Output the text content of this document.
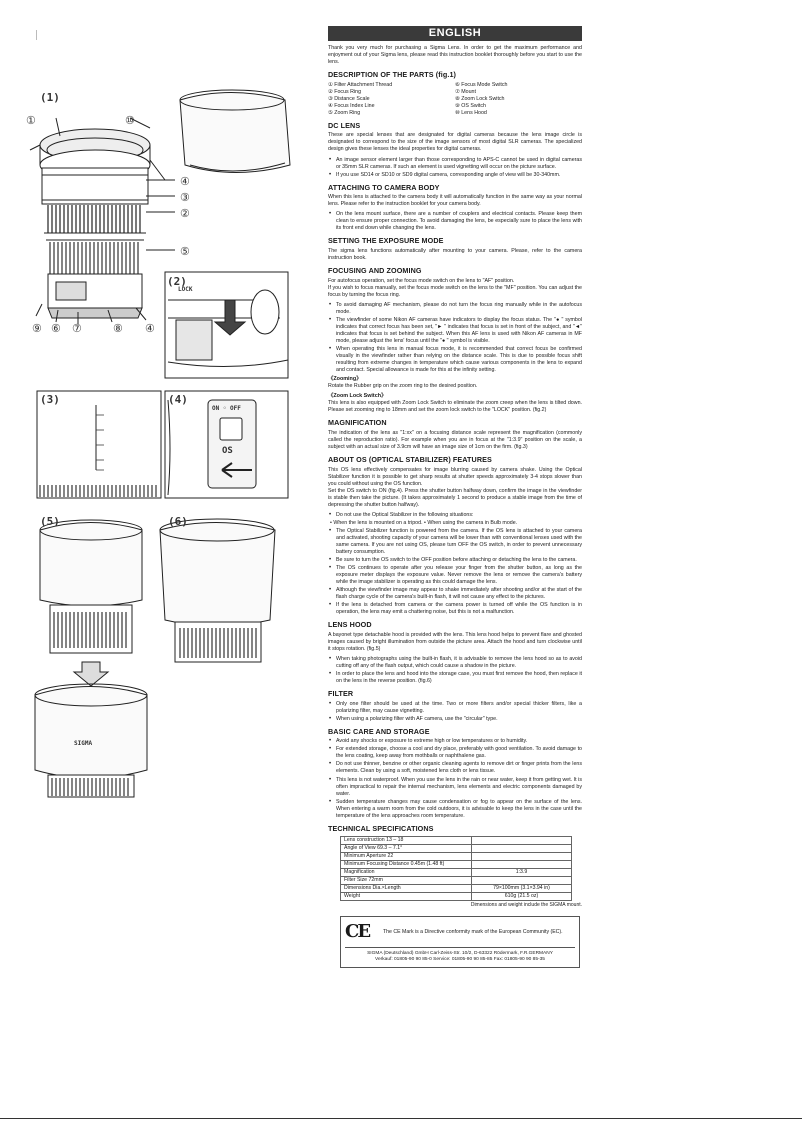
(1)
(2)
(3)	(4)
(5)	(6)
①	⑩
④
③
②
⑤
⑨ ⑥ ⑦	⑧ ④
LOCK
ON ◦ OFF
OS
SIGMA
ENGLISH
Thank you very much for purchasing a Sigma Lens. In order to get the maximum performance and enjoyment out of your Sigma lens, please read this instruction booklet thoroughly before you start to use the lens.
DESCRIPTION OF THE PARTS (fig.1)
① Filter Attachment Thread
② Focus Ring
③ Distance Scale
④ Focus Index Line
⑤ Zoom Ring
⑥ Focus Mode Switch
⑦ Mount
⑧ Zoom Lock Switch
⑨ OS Switch
⑩ Lens Hood
DC LENS
These are special lenses that are designated for digital cameras because the lens image circle is designated to correspond to the size of the image sensors of most digital SLR cameras. The specialized design gives these lenses the ideal properties for digital cameras.
• An image sensor element larger than those corresponding to APS-C cannot be used in digital cameras or 35mm SLR cameras. If such an element is used vignetting will occur on the picture surface.
• If you use SD14 or SD10 or SD9 digital camera, corresponding angle of view will be 30-340mm.
ATTACHING TO CAMERA BODY
When this lens is attached to the camera body it will automatically function in the same way as your normal lens. Please refer to the instruction booklet for your camera body.
• On the lens mount surface, there are a number of couplers and electrical contacts. Please keep them clean to ensure proper connection. To avoid damaging the lens, be especially sure to place the lens with its front end down while changing the lens.
SETTING THE EXPOSURE MODE
The sigma lens functions automatically after mounting to your camera. Please, refer to the camera instruction book.
FOCUSING AND ZOOMING
For autofocus operation, set the focus mode switch on the lens to "AF" position.
If you wish to focus manually, set the focus mode switch on the lens to the "MF" position. You can adjust the focus by turning the focus ring.
• To avoid damaging AF mechanism, please do not turn the focus ring manually while in the autofocus mode.
• The viewfinder of some Nikon AF cameras have indicators to display the focus status. The "● " symbol indicates that correct focus has been set, "► " indicates that focus is set in front of the subject, and "◄" indicates that focus is set behind the subject. When this AF lens is used with Nikon AF cameras in MF mode, please adjust the lens' focus until the "● " symbol is visible.
• When operating this lens in manual focus mode, it is recommended that correct focus be confirmed visually in the viewfinder rather than relying on the distance scale. This is due to possible focus shift resulting from extreme changes in temperature which cause various components in the lens to expand and contact. Special allowance is made for this at the infinity setting.
《Zooming》
Rotate the Rubber grip on the zoom ring to the desired position.
《Zoom Lock Switch》
This lens is also equipped with Zoom Lock Switch to eliminate the zoom creep when the lens is tilted down. Please set zooming ring to 18mm and set the zoom lock switch to the "LOCK" position. (fig.2)
MAGNIFICATION
The indication of the lens as "1:xx" on a focusing distance scale represent the magnification (commonly called the reproduction ratio). For example when you are in focus at the "1:3.9" position on the scale, a subject with an actual size of 3.9cm will have an image size of 1cm on the firm. (fig.3)
ABOUT OS (OPTICAL STABILIZER) FEATURES
This OS lens effectively compensates for image blurring caused by camera shake. Using the Optical Stabilizer function it is possible to get sharp results at shutter speeds approximately 3-4 stops slower than you could without using the OS function.
Set the OS switch to ON (fig.4). Press the shutter button halfway down, confirm the image in the viewfinder is stable then take the picture. (It takes approximately 1 second to produce a stable image from the time of depressing the shutter button halfway).
• Do not use the Optical Stabilizer in the following situations:
• When the lens is mounted on a tripod. • When using the camera in Bulb mode.
• The Optical Stabilizer function is powered from the camera. If the OS lens is attached to your camera and activated, shooting capacity of your camera will be lower than with conventional lenses used with the same camera. If you are not using OS, please turn OFF the OS switch, in order to prevent unnecessary battery consumption.
• Be sure to turn the OS switch to the OFF position before attaching or detaching the lens to the camera.
• The OS continues to operate after you release your finger from the shutter button, as long as the exposure meter displays the exposure value. Never remove the lens or remove the camera's battery while the image stabilizer is operating as this could damage the lens.
• Although the viewfinder image may appear to shake immediately after shooting and/or at the start of the flash charge cycle of the camera's built-in flash, it will not cause any effect to the pictures.
• If the lens is detached from camera or the camera power is turned off while the OS function is in operation, the lens may emit a chattering noise, but this is not a malfunction.
LENS HOOD
A bayonet type detachable hood is provided with the lens. This lens hood helps to prevent flare and ghosted images caused by bright illumination from outside the picture area. Attach the hood and turn clockwise until it stops rotation. (fig.5)
• When taking photographs using the built-in flash, it is advisable to remove the lens hood so as to avoid cutting off any of the flash output, which could cause a shadow in the picture.
• In order to place the lens and hood into the storage case, you must first remove the hood, then replace it on the lens in the reverse position. (fig.6)
FILTER
• Only one filter should be used at the time. Two or more filters and/or special thicker filters, like a polarizing filter, may cause vignetting.
• When using a polarizing filter with AF camera, use the "circular" type.
BASIC CARE AND STORAGE
• Avoid any shocks or exposure to extreme high or low temperatures or to humidity.
• For extended storage, choose a cool and dry place, preferably with good ventilation. To avoid damage to the lens coating, keep away from mothballs or naphthalene gas.
• Do not use thinner, benzine or other organic cleaning agents to remove dirt or finger prints from the lens elements. Clean by using a soft, moistened lens cloth or lens tissue.
• This lens is not waterproof. When you use the lens in the rain or near water, keep it from getting wet. It is often impractical to repair the internal mechanism, lens elements and electric components damaged by water.
• Sudden temperature changes may cause condensation or fog to appear on the surface of the lens. When entering a warm room from the cold outdoors, it is advisable to keep the lens in the case until the temperature of the lens approaches room temperature.
TECHNICAL SPECIFICATIONS
Lens construction 13 – 18	
Angle of View 69.3 – 7.1°	
Minimum Aperture 22	
Minimum Focusing Distance 0.45m (1.48 ft)	
Magnification	1:3.9
Filter Size 72mm	
Dimensions Dia.×Length	79×100mm (3.1×3.94 in)
Weight	610g (21.5 oz)
Dimensions and weight include the SIGMA mount.
CE	The CE Mark is a Directive conformity mark of the European Community (EC).
SIGMA (Deutschland) GmbH Carl-Zeiss-Str. 10/2, D-63322 Rödermark, F.R.GERMANY
Verkauf: 01805-90 90 85-0 Service: 01805-90 90 85-85 Fax: 01805-90 90 85-35
